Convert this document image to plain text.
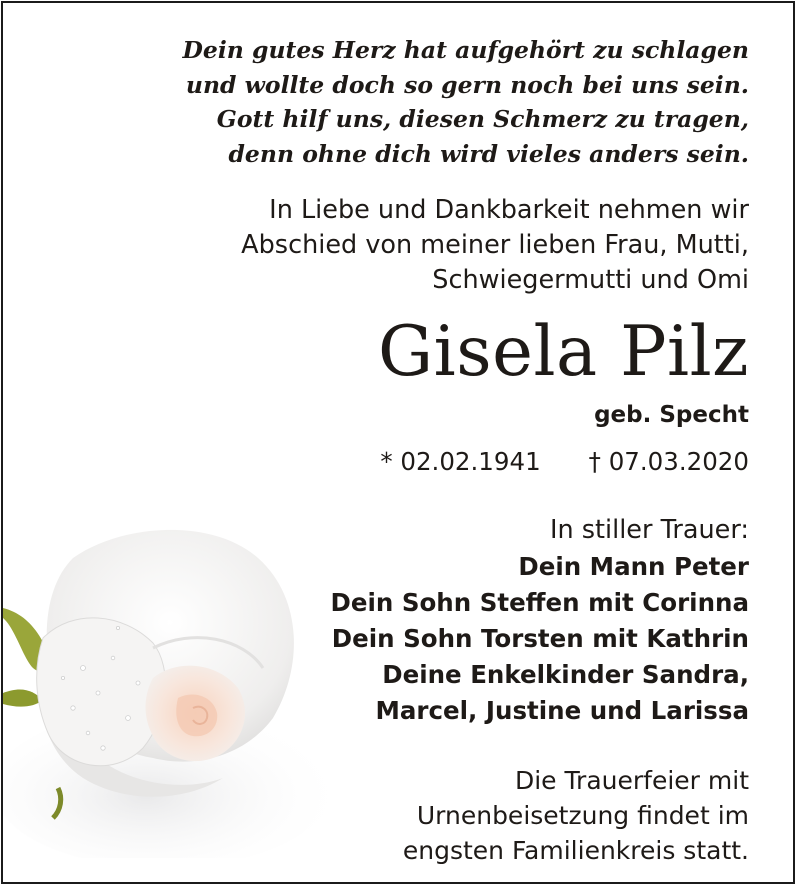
Dein gutes Herz hat aufgehört zu schlagen
und wollte doch so gern noch bei uns sein.
Gott hilf uns, diesen Schmerz zu tragen,
denn ohne dich wird vieles anders sein.
In Liebe und Dankbarkeit nehmen wir
Abschied von meiner lieben Frau, Mutti,
Schwiegermutti und Omi
Gisela Pilz
geb. Specht
* 02.02.1941 † 07.03.2020
In stiller Trauer:
Dein Mann Peter
Dein Sohn Steffen mit Corinna
Dein Sohn Torsten mit Kathrin
Deine Enkelkinder Sandra,
Marcel, Justine und Larissa
Die Trauerfeier mit
Urnenbeisetzung findet im
engsten Familienkreis statt.
